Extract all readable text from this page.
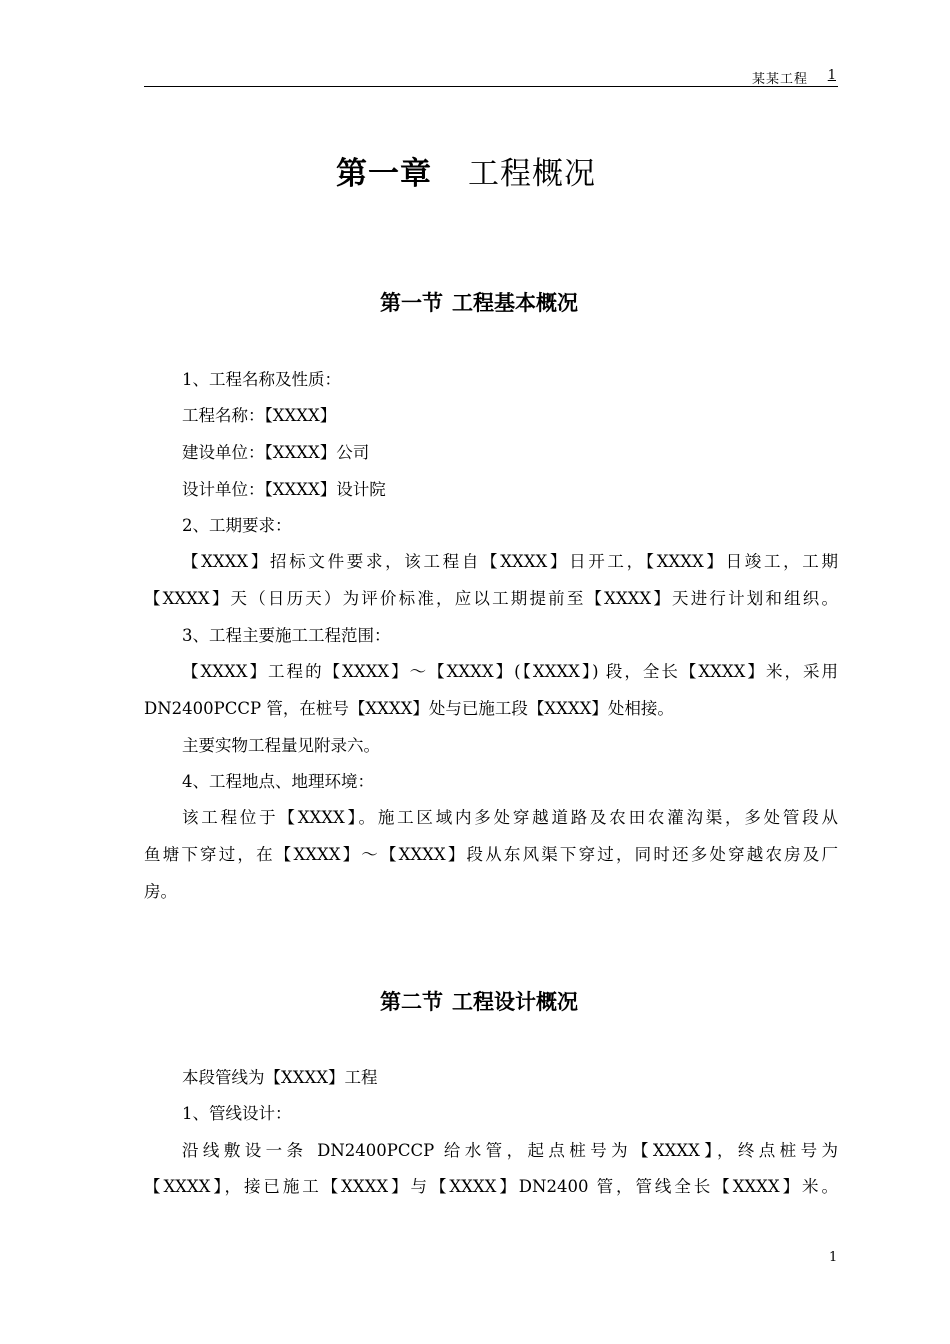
某某工程 1
第一章 工程概况
第一节 工程基本概况
1、工程名称及性质：
工程名称：【XXXX】
建设单位：【XXXX】公司
设计单位：【XXXX】设计院
2、工期要求：
【XXXX】招标文件要求，该工程自【XXXX】日开工，【XXXX】日竣工，工期
【XXXX】天（日历天）为评价标准，应以工期提前至【XXXX】天进行计划和组织。
3、工程主要施工工程范围：
【XXXX】工程的【XXXX】～【XXXX】(【XXXX】) 段，全长【XXXX】米，采用
DN2400PCCP 管，在桩号【XXXX】处与已施工段【XXXX】处相接。
主要实物工程量见附录六。
4、工程地点、地理环境：
该工程位于【XXXX】。施工区域内多处穿越道路及农田农灌沟渠，多处管段从
鱼塘下穿过，在【XXXX】～【XXXX】段从东风渠下穿过，同时还多处穿越农房及厂
房。
第二节 工程设计概况
本段管线为【XXXX】工程
1、管线设计：
沿线敷设一条 DN2400PCCP 给水管，起点桩号为【XXXX】，终点桩号为
【XXXX】，接已施工【XXXX】与【XXXX】DN2400 管，管线全长【XXXX】米。
1
